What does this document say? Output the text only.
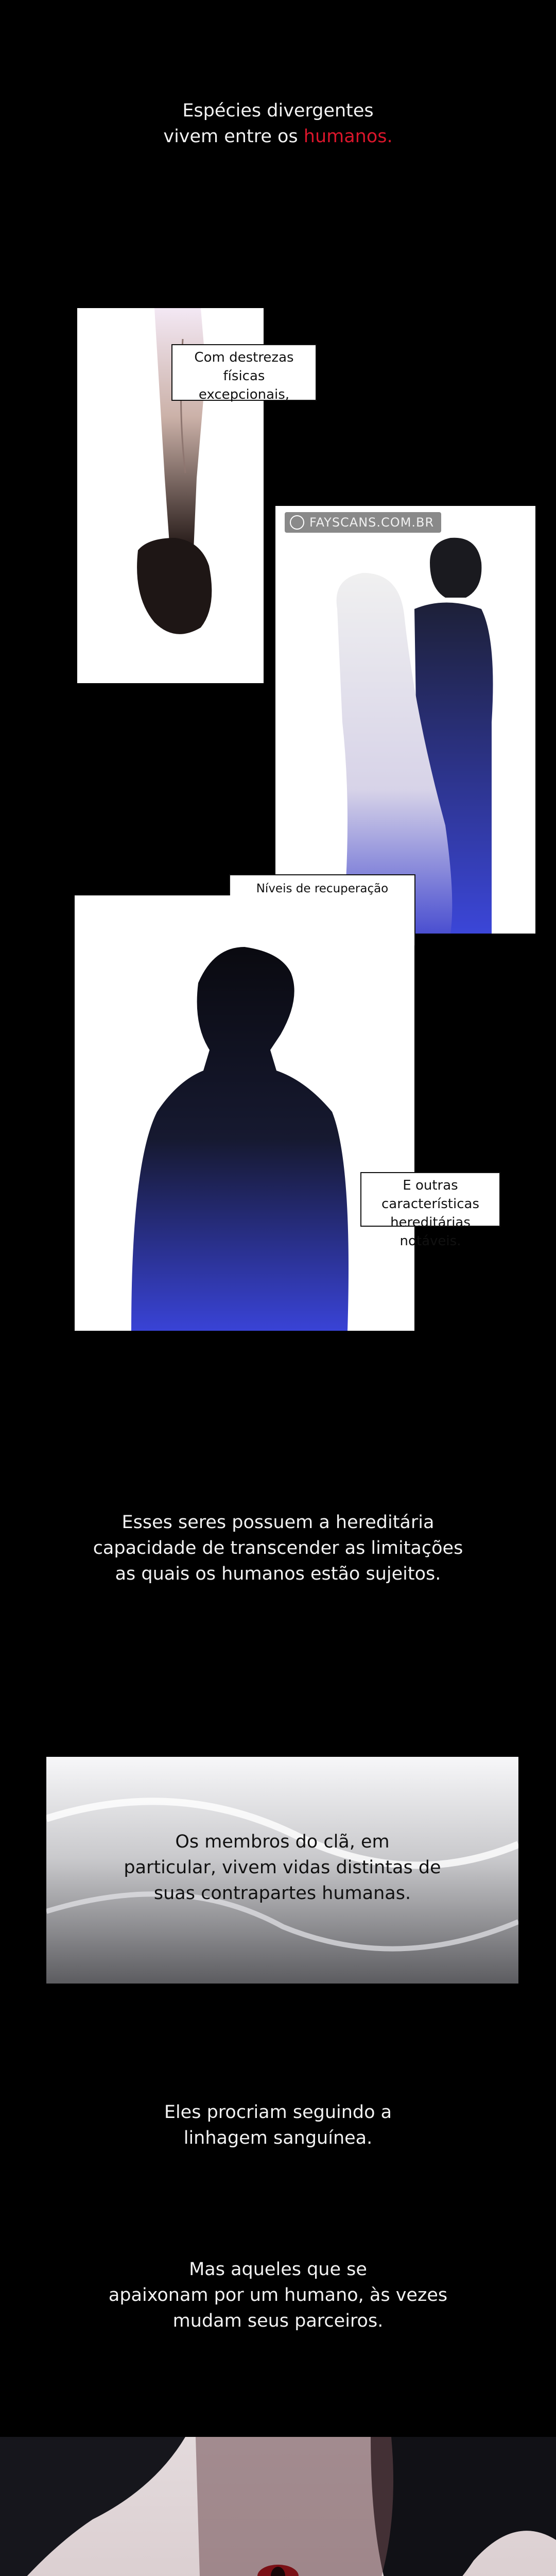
Espécies divergentes
vivem entre os humanos.
Com destrezas
físicas excepcionais,
FAYSCANS.COM.BR
Níveis de recuperação
E outras características
hereditárias notáveis.
Esses seres possuem a hereditária
capacidade de transcender as limitações
as quais os humanos estão sujeitos.
Os membros do clã, em
particular, vivem vidas distintas de
suas contrapartes humanas.
Eles procriam seguindo a
linhagem sanguínea.
Mas aqueles que se
apaixonam por um humano, às vezes
mudam seus parceiros.
